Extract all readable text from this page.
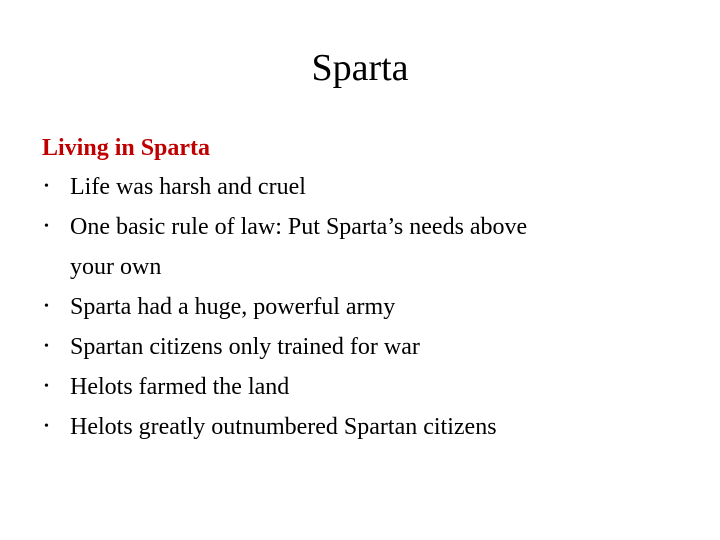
Sparta
Living in Sparta
• Life was harsh and cruel
• One basic rule of law: Put Sparta’s needs above
your own
• Sparta had a huge, powerful army
• Spartan citizens only trained for war
• Helots farmed the land
• Helots greatly outnumbered Spartan citizens
